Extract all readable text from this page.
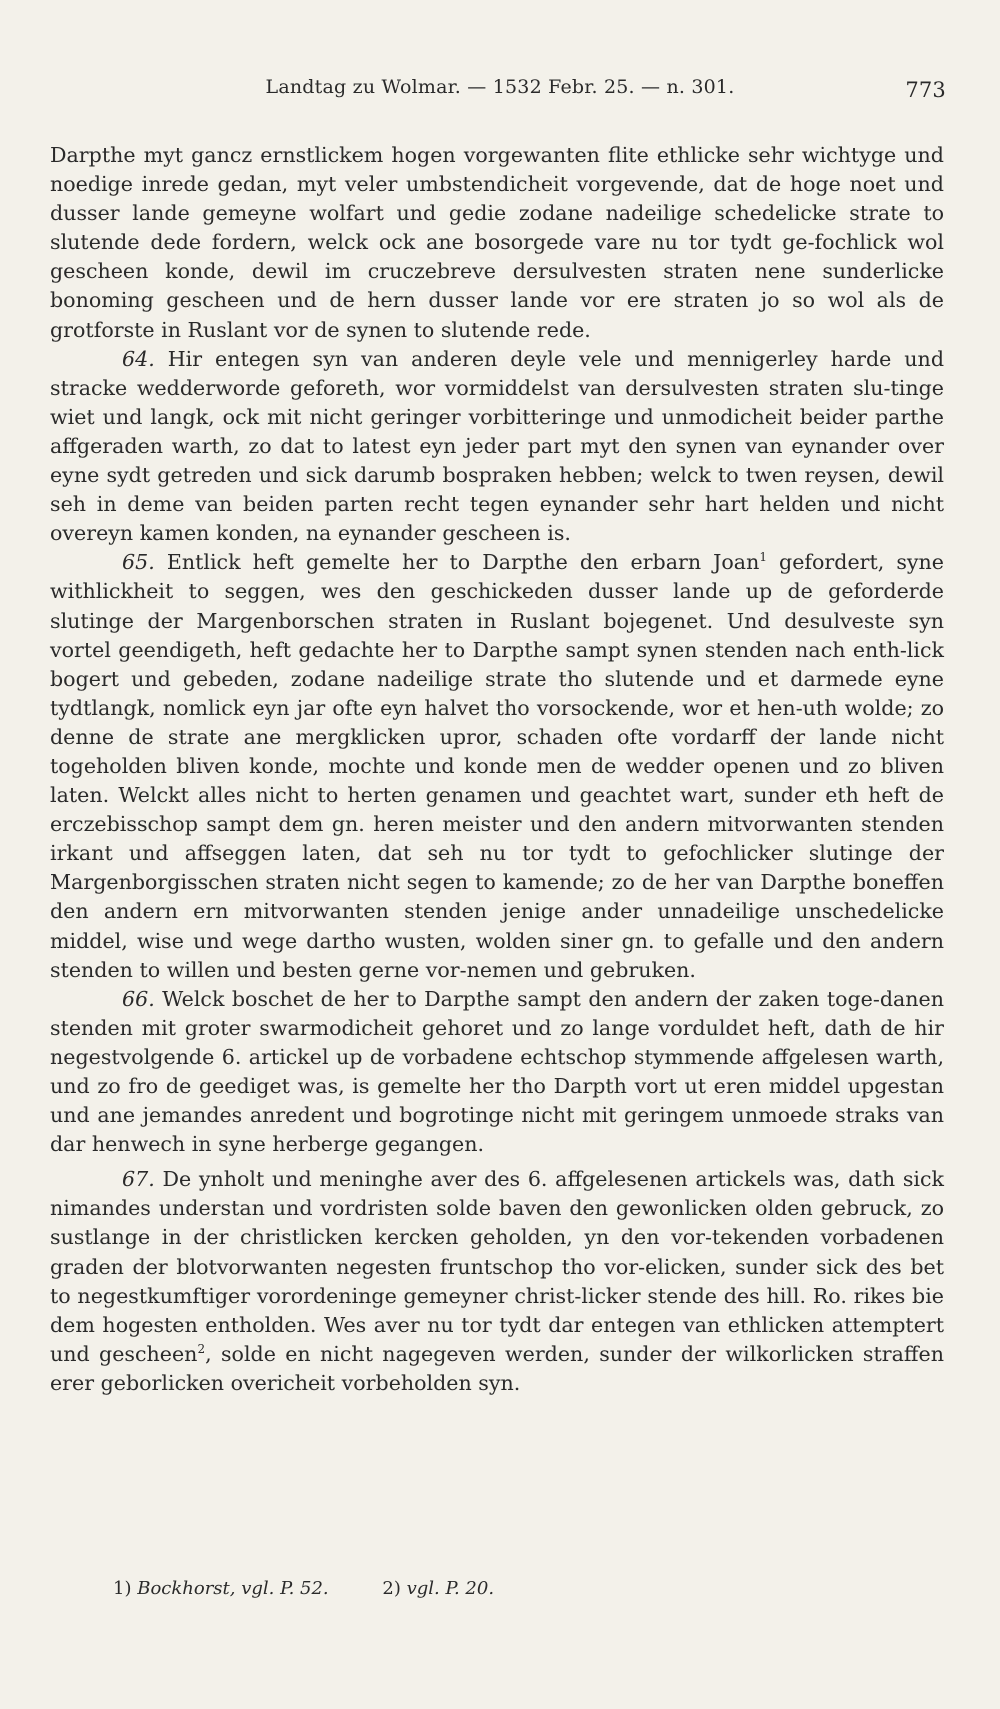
Landtag zu Wolmar. — 1532 Febr. 25. — n. 301.	773

Darpthe myt gancz ernstlickem hogen vorgewanten flite ethlicke sehr wichtyge und noedige inrede gedan, myt veler umbstendicheit vorgevende, dat de hoge noet und dusser lande gemeyne wolfart und gedie zodane nadeilige schedelicke strate to slutende dede fordern, welck ock ane bosorgede vare nu tor tydt ge-fochlick wol gescheen konde, dewil im cruczebreve dersulvesten straten nene sunderlicke bonoming gescheen und de hern dusser lande vor ere straten jo so wol als de grotforste in Ruslant vor de synen to slutende rede.

64. Hir entegen syn van anderen deyle vele und mennigerley harde und stracke wedderworde geforeth, wor vormiddelst van dersulvesten straten slu-tinge wiet und langk, ock mit nicht geringer vorbitteringe und unmodicheit beider parthe affgeraden warth, zo dat to latest eyn jeder part myt den synen van eynander over eyne sydt getreden und sick darumb bospraken hebben; welck to twen reysen, dewil seh in deme van beiden parten recht tegen eynander sehr hart helden und nicht overeyn kamen konden, na eynander gescheen is.

65. Entlick heft gemelte her to Darpthe den erbarn Joan$^1$ gefordert, syne withlickheit to seggen, wes den geschickeden dusser lande up de geforderde slutinge der Margenborschen straten in Ruslant bojegenet. Und desulveste syn vortel geendigeth, heft gedachte her to Darpthe sampt synen stenden nach enth-lick bogert und gebeden, zodane nadeilige strate tho slutende und et darmede eyne tydtlangk, nomlick eyn jar ofte eyn halvet tho vorsockende, wor et hen-uth wolde; zo denne de strate ane mergklicken upror, schaden ofte vordarff der lande nicht togeholden bliven konde, mochte und konde men de wedder openen und zo bliven laten. Welckt alles nicht to herten genamen und geachtet wart, sunder eth heft de erczebisschop sampt dem gn. heren meister und den andern mitvorwanten stenden irkant und affseggen laten, dat seh nu tor tydt to gefochlicker slutinge der Margenborgisschen straten nicht segen to kamende; zo de her van Darpthe boneffen den andern ern mitvorwanten stenden jenige ander unnadeilige unschedelicke middel, wise und wege dartho wusten, wolden siner gn. to gefalle und den andern stenden to willen und besten gerne vor-nemen und gebruken.

66. Welck boschet de her to Darpthe sampt den andern der zaken toge-danen stenden mit groter swarmodicheit gehoret und zo lange vorduldet heft, dath de hir negestvolgende 6. artickel up de vorbadene echtschop stymmende affgelesen warth, und zo fro de geediget was, is gemelte her tho Darpth vort ut eren middel upgestan und ane jemandes anredent und bogrotinge nicht mit geringem unmoede straks van dar henwech in syne herberge gegangen.

67. De ynholt und meninghe aver des 6. affgelesenen artickels was, dath sick nimandes understan und vordristen solde baven den gewonlicken olden gebruck, zo sustlange in der christlicken kercken geholden, yn den vor-tekenden vorbadenen graden der blotvorwanten negesten fruntschop tho vor-elicken, sunder sick des bet to negestkumftiger vorordeninge gemeyner christ-licker stende des hill. Ro. rikes bie dem hogesten entholden. Wes aver nu tor tydt dar entegen van ethlicken attemptert und gescheen$^2$, solde en nicht nagegeven werden, sunder der wilkorlicken straffen erer geborlicken overicheit vorbeholden syn.

1) Bockhorst, vgl. P. 52.	2) vgl. P. 20.
